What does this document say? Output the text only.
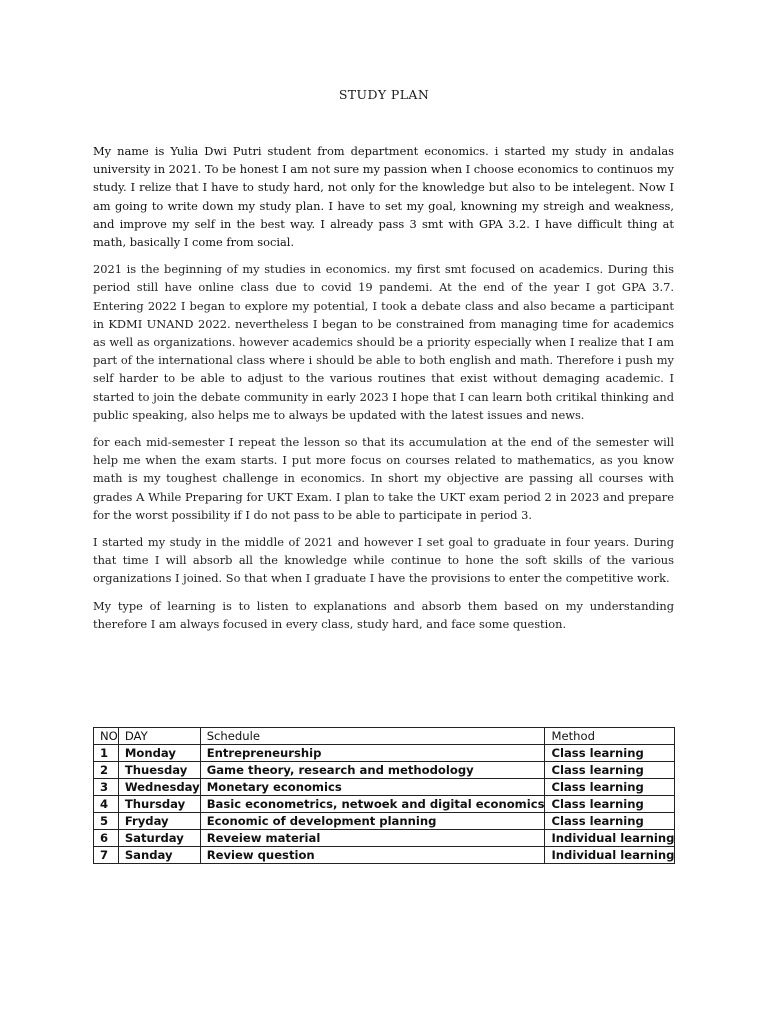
STUDY PLAN

My name is Yulia Dwi Putri student from department economics. i started my study in andalas university in 2021. To be honest I am not sure my passion when I choose economics to continuos my study. I relize that I have to study hard, not only for the knowledge but also to be intelegent. Now I am going to write down my study plan. I have to set my goal, knowning my streigh and weakness, and improve my self in the best way. I already pass 3 smt with GPA 3.2. I have difficult thing at math, basically I come from social.

2021 is the beginning of my studies in economics. my first smt focused on academics. During this period still have online class due to covid 19 pandemi. At the end of the year I got GPA 3.7. Entering 2022 I began to explore my potential, I took a debate class and also became a participant in KDMI UNAND 2022. nevertheless I began to be constrained from managing time for academics as well as organizations. however academics should be a priority especially when I realize that I am part of the international class where i should be able to both english and math. Therefore i push my self harder to be able to adjust to the various routines that exist without demaging academic. I started to join the debate community in early 2023 I hope that I can learn both critikal thinking and public speaking, also helps me to always be updated with the latest issues and news.

for each mid-semester I repeat the lesson so that its accumulation at the end of the semester will help me when the exam starts. I put more focus on courses related to mathematics, as you know math is my toughest challenge in economics. In short my objective are passing all courses with grades A While Preparing for UKT Exam. I plan to take the UKT exam period 2 in 2023 and prepare for the worst possibility if I do not pass to be able to participate in period 3.

I started my study in the middle of 2021 and however I set goal to graduate in four years. During that time I will absorb all the knowledge while continue to hone the soft skills of the various organizations I joined. So that when I graduate I have the provisions to enter the competitive work.

My type of learning is to listen to explanations and absorb them based on my understanding therefore I am always focused in every class, study hard, and face some question.

NO	DAY	Schedule	Method
1	Monday	Entrepreneurship	Class learning
2	Thuesday	Game theory, research and methodology	Class learning
3	Wednesday	Monetary economics	Class learning
4	Thursday	Basic econometrics, netwoek and digital economics	Class learning
5	Fryday	Economic of development planning	Class learning
6	Saturday	Reveiew material	Individual learning
7	Sanday	Review question	Individual learning
